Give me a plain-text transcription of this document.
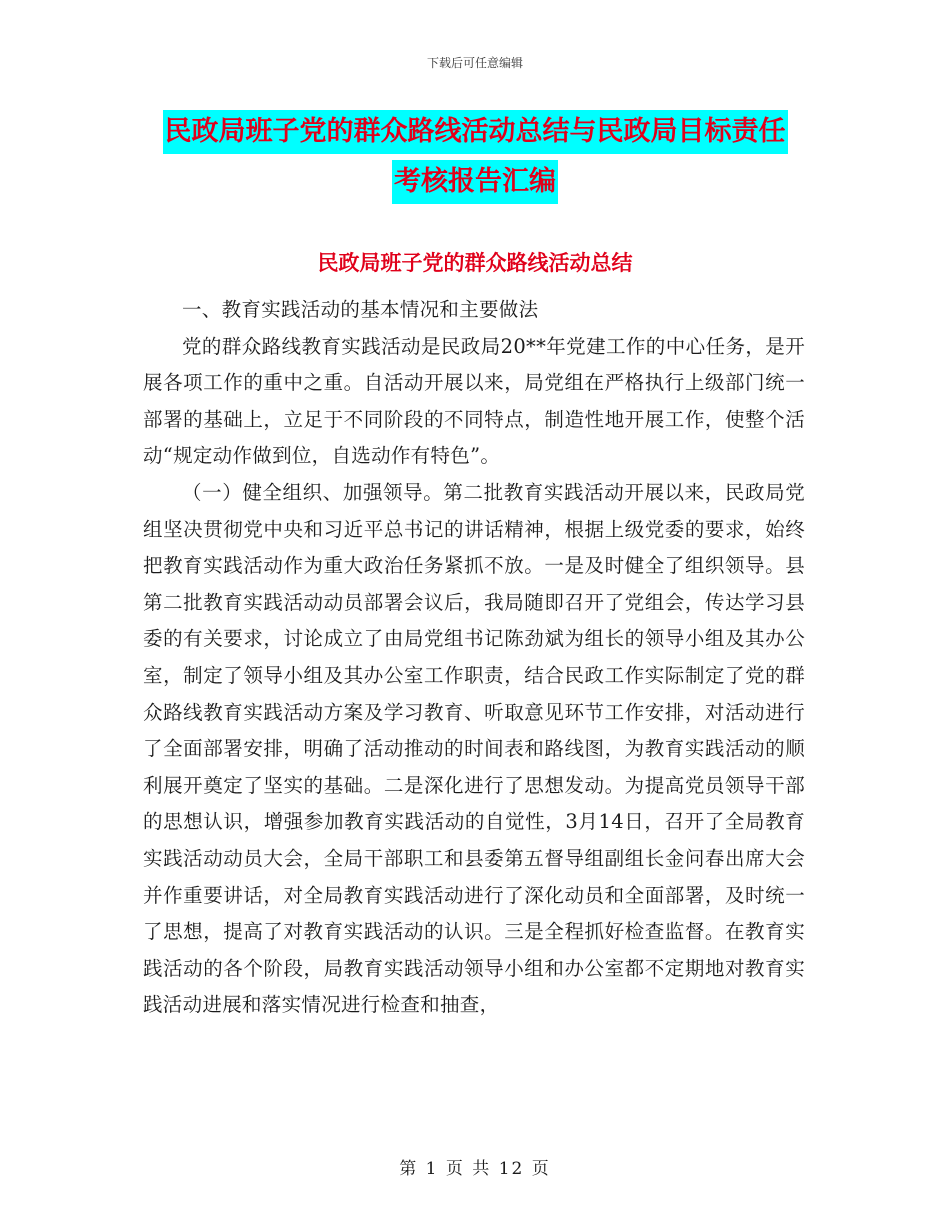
下载后可任意编辑
民政局班子党的群众路线活动总结与民政局目标责任
考核报告汇编
民政局班子党的群众路线活动总结

一、教育实践活动的基本情况和主要做法

党的群众路线教育实践活动是民政局20**年党建工作的中心任务，是开展各项工作的重中之重。自活动开展以来，局党组在严格执行上级部门统一部署的基础上，立足于不同阶段的不同特点，制造性地开展工作，使整个活动“规定动作做到位，自选动作有特色”。

（一）健全组织、加强领导。第二批教育实践活动开展以来，民政局党组坚决贯彻党中央和习近平总书记的讲话精神，根据上级党委的要求，始终把教育实践活动作为重大政治任务紧抓不放。一是及时健全了组织领导。县第二批教育实践活动动员部署会议后，我局随即召开了党组会，传达学习县委的有关要求，讨论成立了由局党组书记陈劲斌为组长的领导小组及其办公室，制定了领导小组及其办公室工作职责，结合民政工作实际制定了党的群众路线教育实践活动方案及学习教育、听取意见环节工作安排，对活动进行了全面部署安排，明确了活动推动的时间表和路线图，为教育实践活动的顺利展开奠定了坚实的基础。二是深化进行了思想发动。为提高党员领导干部的思想认识，增强参加教育实践活动的自觉性，3月14日，召开了全局教育实践活动动员大会，全局干部职工和县委第五督导组副组长金问春出席大会并作重要讲话，对全局教育实践活动进行了深化动员和全面部署，及时统一了思想，提高了对教育实践活动的认识。三是全程抓好检查监督。在教育实践活动的各个阶段，局教育实践活动领导小组和办公室都不定期地对教育实践活动进展和落实情况进行检查和抽查，

第 1 页 共 12 页
